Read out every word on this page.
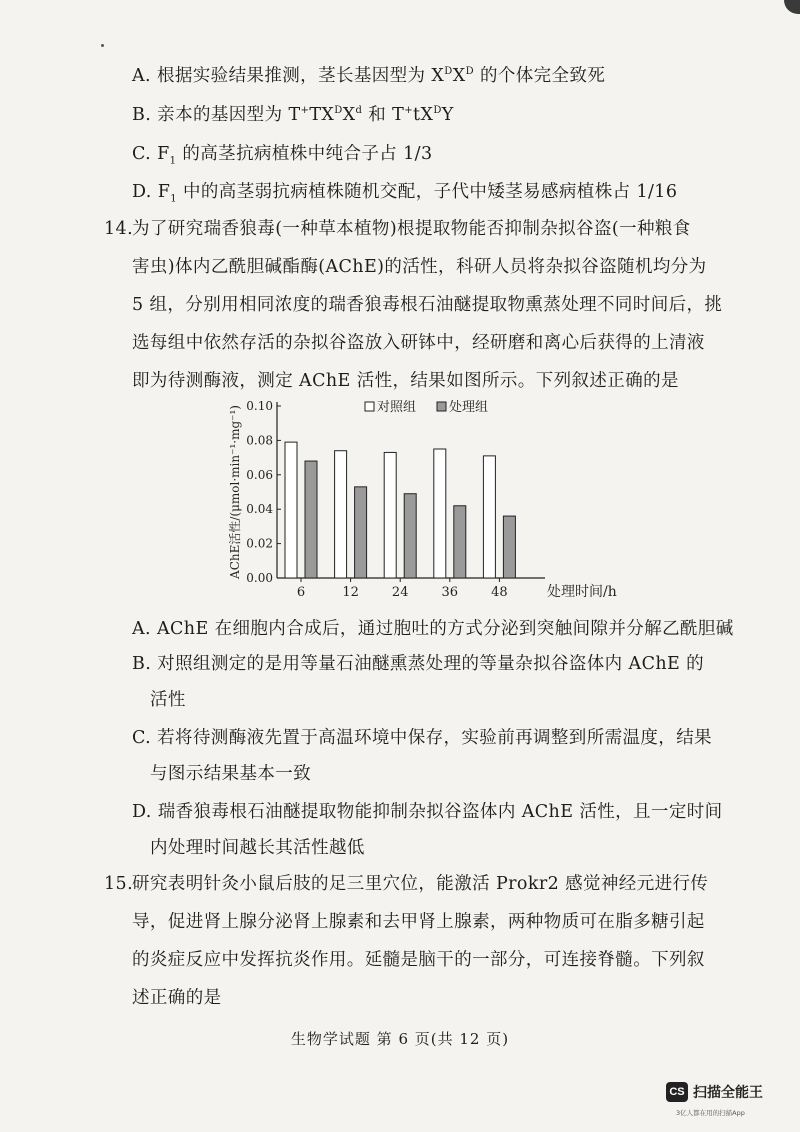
A. 根据实验结果推测，茎长基因型为 $X^DX^D$ 的个体完全致死
B. 亲本的基因型为 $T^+TX^DX^d$ 和 $T^+tX^DY$
C. $F_1$ 的高茎抗病植株中纯合子占 1/3
D. $F_1$ 中的高茎弱抗病植株随机交配，子代中矮茎易感病植株占 1/16
14.
为了研究瑞香狼毒(一种草本植物)根提取物能否抑制杂拟谷盗(一种粮食
害虫)体内乙酰胆碱酯酶(AChE)的活性，科研人员将杂拟谷盗随机均分为
5 组，分别用相同浓度的瑞香狼毒根石油醚提取物熏蒸处理不同时间后，挑
选每组中依然存活的杂拟谷盗放入研钵中，经研磨和离心后获得的上清液
即为待测酶液，测定 AChE 活性，结果如图所示。下列叙述正确的是
对照组	处理组
0.00
0.02
0.04
0.06
0.08
0.10
6	12	24	36	48	处理时间/h
AChE活性/(μmol·min⁻¹·mg⁻¹)
A. AChE 在细胞内合成后，通过胞吐的方式分泌到突触间隙并分解乙酰胆碱
B. 对照组测定的是用等量石油醚熏蒸处理的等量杂拟谷盗体内 AChE 的
活性
C. 若将待测酶液先置于高温环境中保存，实验前再调整到所需温度，结果
与图示结果基本一致
D. 瑞香狼毒根石油醚提取物能抑制杂拟谷盗体内 AChE 活性，且一定时间
内处理时间越长其活性越低
15.
研究表明针灸小鼠后肢的足三里穴位，能激活 Prokr2 感觉神经元进行传
导，促进肾上腺分泌肾上腺素和去甲肾上腺素，两种物质可在脂多糖引起
的炎症反应中发挥抗炎作用。延髓是脑干的一部分，可连接脊髓。下列叙
述正确的是
生物学试题 第 6 页(共 12 页)
CS 扫描全能王
3亿人都在用的扫描App
